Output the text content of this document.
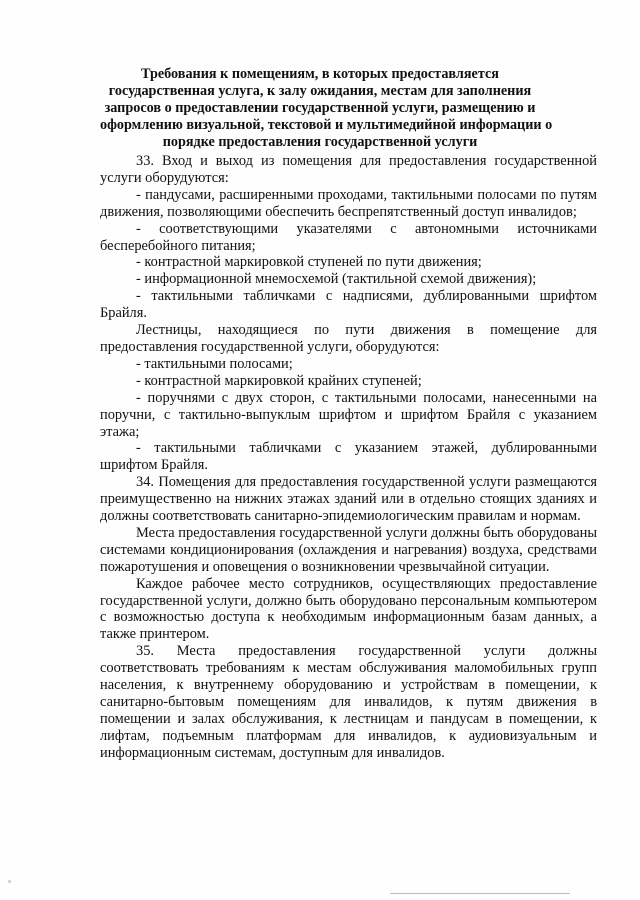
Требования к помещениям, в которых предоставляется
государственная услуга, к залу ожидания, местам для заполнения
запросов о предоставлении государственной услуги, размещению и
оформлению визуальной, текстовой и мультимедийной информации о
порядке предоставления государственной услуги

33. Вход и выход из помещения для предоставления государственной услуги оборудуются:

- пандусами, расширенными проходами, тактильными полосами по путям движения, позволяющими обеспечить беспрепятственный доступ инвалидов;

- соответствующими указателями с автономными источниками бесперебойного питания;

- контрастной маркировкой ступеней по пути движения;

- информационной мнемосхемой (тактильной схемой движения);

- тактильными табличками с надписями, дублированными шрифтом Брайля.

Лестницы, находящиеся по пути движения в помещение для предоставления государственной услуги, оборудуются:

- тактильными полосами;

- контрастной маркировкой крайних ступеней;

- поручнями с двух сторон, с тактильными полосами, нанесенными на поручни, с тактильно-выпуклым шрифтом и шрифтом Брайля с указанием этажа;

- тактильными табличками с указанием этажей, дублированными шрифтом Брайля.

34. Помещения для предоставления государственной услуги размещаются преимущественно на нижних этажах зданий или в отдельно стоящих зданиях и должны соответствовать санитарно-эпидемиологическим правилам и нормам.

Места предоставления государственной услуги должны быть оборудованы системами кондиционирования (охлаждения и нагревания) воздуха, средствами пожаротушения и оповещения о возникновении чрезвычайной ситуации.

Каждое рабочее место сотрудников, осуществляющих предоставление государственной услуги, должно быть оборудовано персональным компьютером с возможностью доступа к необходимым информационным базам данных, а также принтером.

35. Места предоставления государственной услуги должны соответствовать требованиям к местам обслуживания маломобильных групп населения, к внутреннему оборудованию и устройствам в помещении, к санитарно-бытовым помещениям для инвалидов, к путям движения в помещении и залах обслуживания, к лестницам и пандусам в помещении, к лифтам, подъемным платформам для инвалидов, к аудиовизуальным и информационным системам, доступным для инвалидов.
